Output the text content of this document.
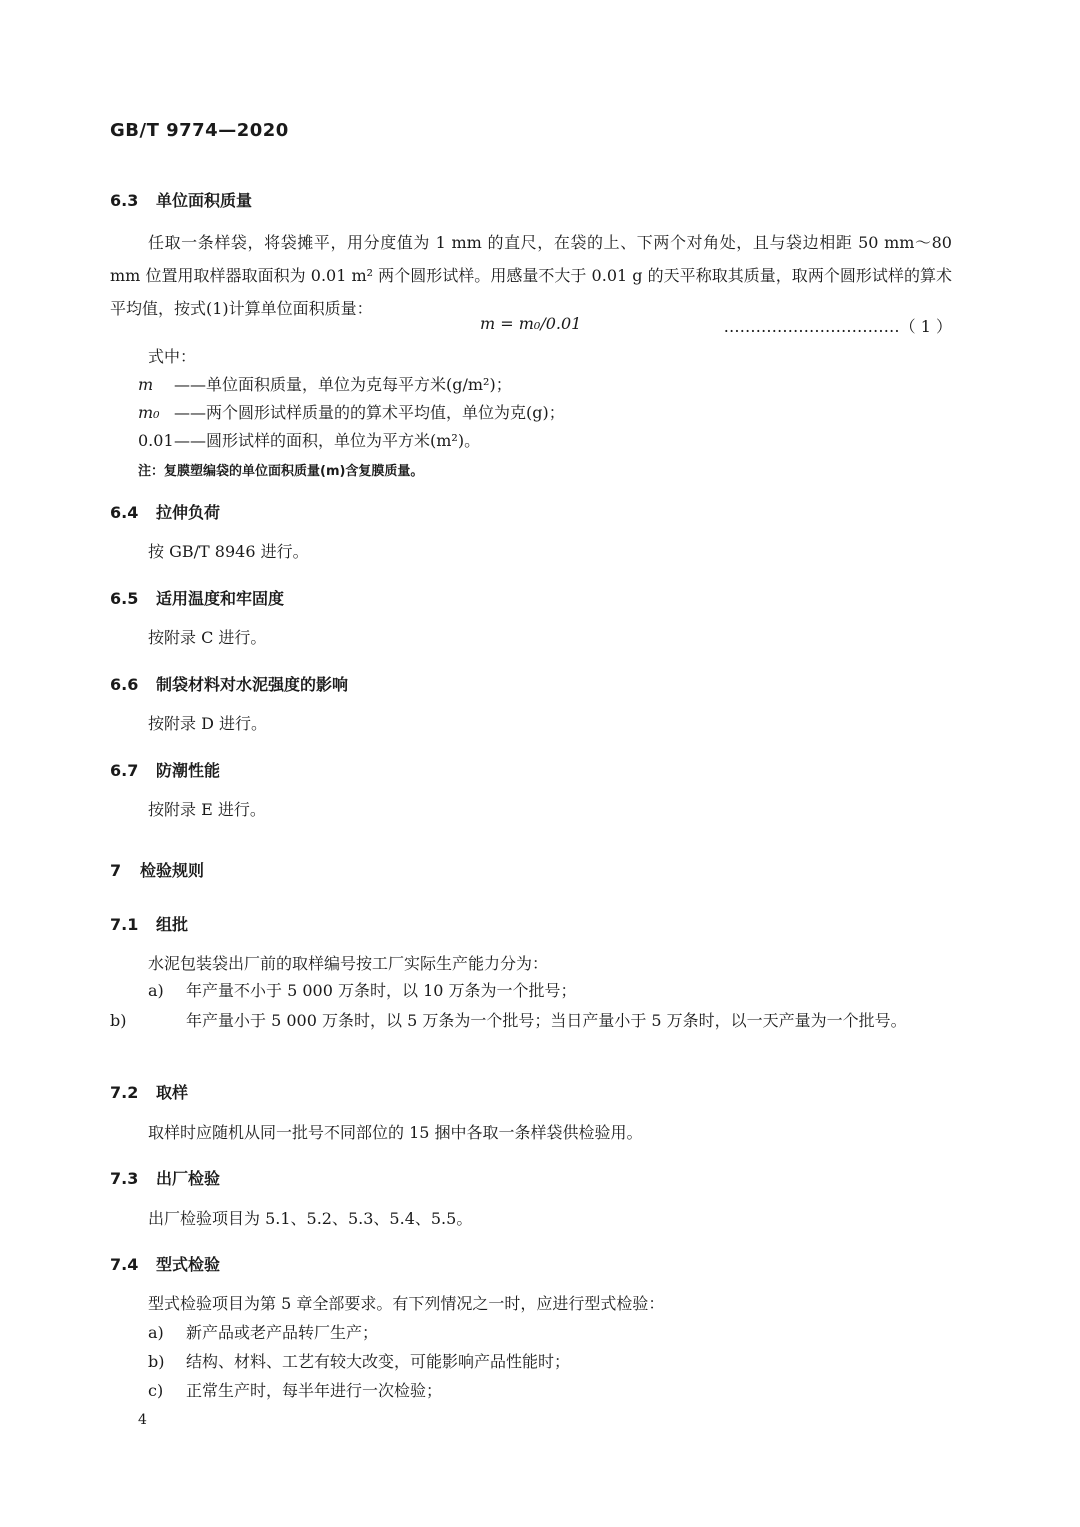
GB/T 9774—2020
6.3 单位面积质量
任取一条样袋，将袋摊平，用分度值为 1 mm 的直尺，在袋的上、下两个对角处，且与袋边相距 50 mm～80 mm 位置用取样器取面积为 0.01 m² 两个圆形试样。用感量不大于 0.01 g 的天平称取其质量，取两个圆形试样的算术平均值，按式(1)计算单位面积质量：
m = m₀/0.01	……………………………（ 1 ）
式中：
m ——单位面积质量，单位为克每平方米(g/m²)；
m₀ ——两个圆形试样质量的的算术平均值，单位为克(g)；
0.01——圆形试样的面积，单位为平方米(m²)。
注：复膜塑编袋的单位面积质量(m)含复膜质量。
6.4 拉伸负荷
按 GB/T 8946 进行。
6.5 适用温度和牢固度
按附录 C 进行。
6.6 制袋材料对水泥强度的影响
按附录 D 进行。
6.7 防潮性能
按附录 E 进行。
7 检验规则
7.1 组批
水泥包装袋出厂前的取样编号按工厂实际生产能力分为：
a) 年产量不小于 5 000 万条时，以 10 万条为一个批号；
b)	年产量小于 5 000 万条时，以 5 万条为一个批号；当日产量小于 5 万条时，以一天产量为一个批号。
7.2 取样
取样时应随机从同一批号不同部位的 15 捆中各取一条样袋供检验用。
7.3 出厂检验
出厂检验项目为 5.1、5.2、5.3、5.4、5.5。
7.4 型式检验
型式检验项目为第 5 章全部要求。有下列情况之一时，应进行型式检验：
a) 新产品或老产品转厂生产；
b) 结构、材料、工艺有较大改变，可能影响产品性能时；
c) 正常生产时，每半年进行一次检验；
4
